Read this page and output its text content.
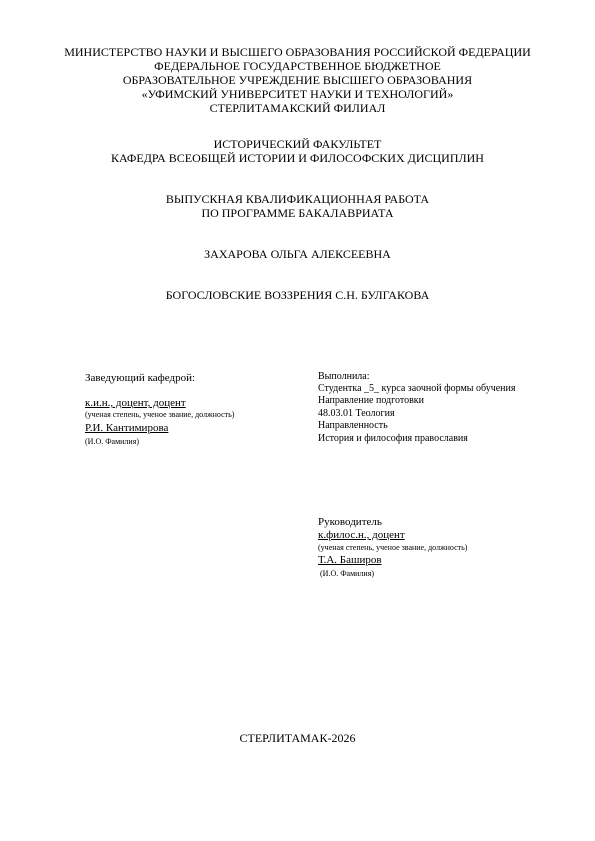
МИНИСТЕРСТВО НАУКИ И ВЫСШЕГО ОБРАЗОВАНИЯ РОССИЙСКОЙ ФЕДЕРАЦИИ
ФЕДЕРАЛЬНОЕ ГОСУДАРСТВЕННОЕ БЮДЖЕТНОЕ
ОБРАЗОВАТЕЛЬНОЕ УЧРЕЖДЕНИЕ ВЫСШЕГО ОБРАЗОВАНИЯ
«УФИМСКИЙ УНИВЕРСИТЕТ НАУКИ И ТЕХНОЛОГИЙ»
СТЕРЛИТАМАКСКИЙ ФИЛИАЛ
ИСТОРИЧЕСКИЙ ФАКУЛЬТЕТ
КАФЕДРА ВСЕОБЩЕЙ ИСТОРИИ И ФИЛОСОФСКИХ ДИСЦИПЛИН
ВЫПУСКНАЯ КВАЛИФИКАЦИОННАЯ РАБОТА
ПО ПРОГРАММЕ БАКАЛАВРИАТА
ЗАХАРОВА ОЛЬГА АЛЕКСЕЕВНА
БОГОСЛОВСКИЕ ВОЗЗРЕНИЯ С.Н. БУЛГАКОВА
Заведующий кафедрой:
к.и.н., доцент, доцент
(ученая степень, ученое звание, должность)
Р.И. Кантимирова
(И.О. Фамилия)
Выполнила:
Студентка _5_ курса заочной формы обучения
Направление подготовки
48.03.01 Теология
Направленность
История и философия православия
Руководитель
к.филос.н., доцент
(ученая степень, ученое звание, должность)
Т.А. Баширов
(И.О. Фамилия)
СТЕРЛИТАМАК-2026
